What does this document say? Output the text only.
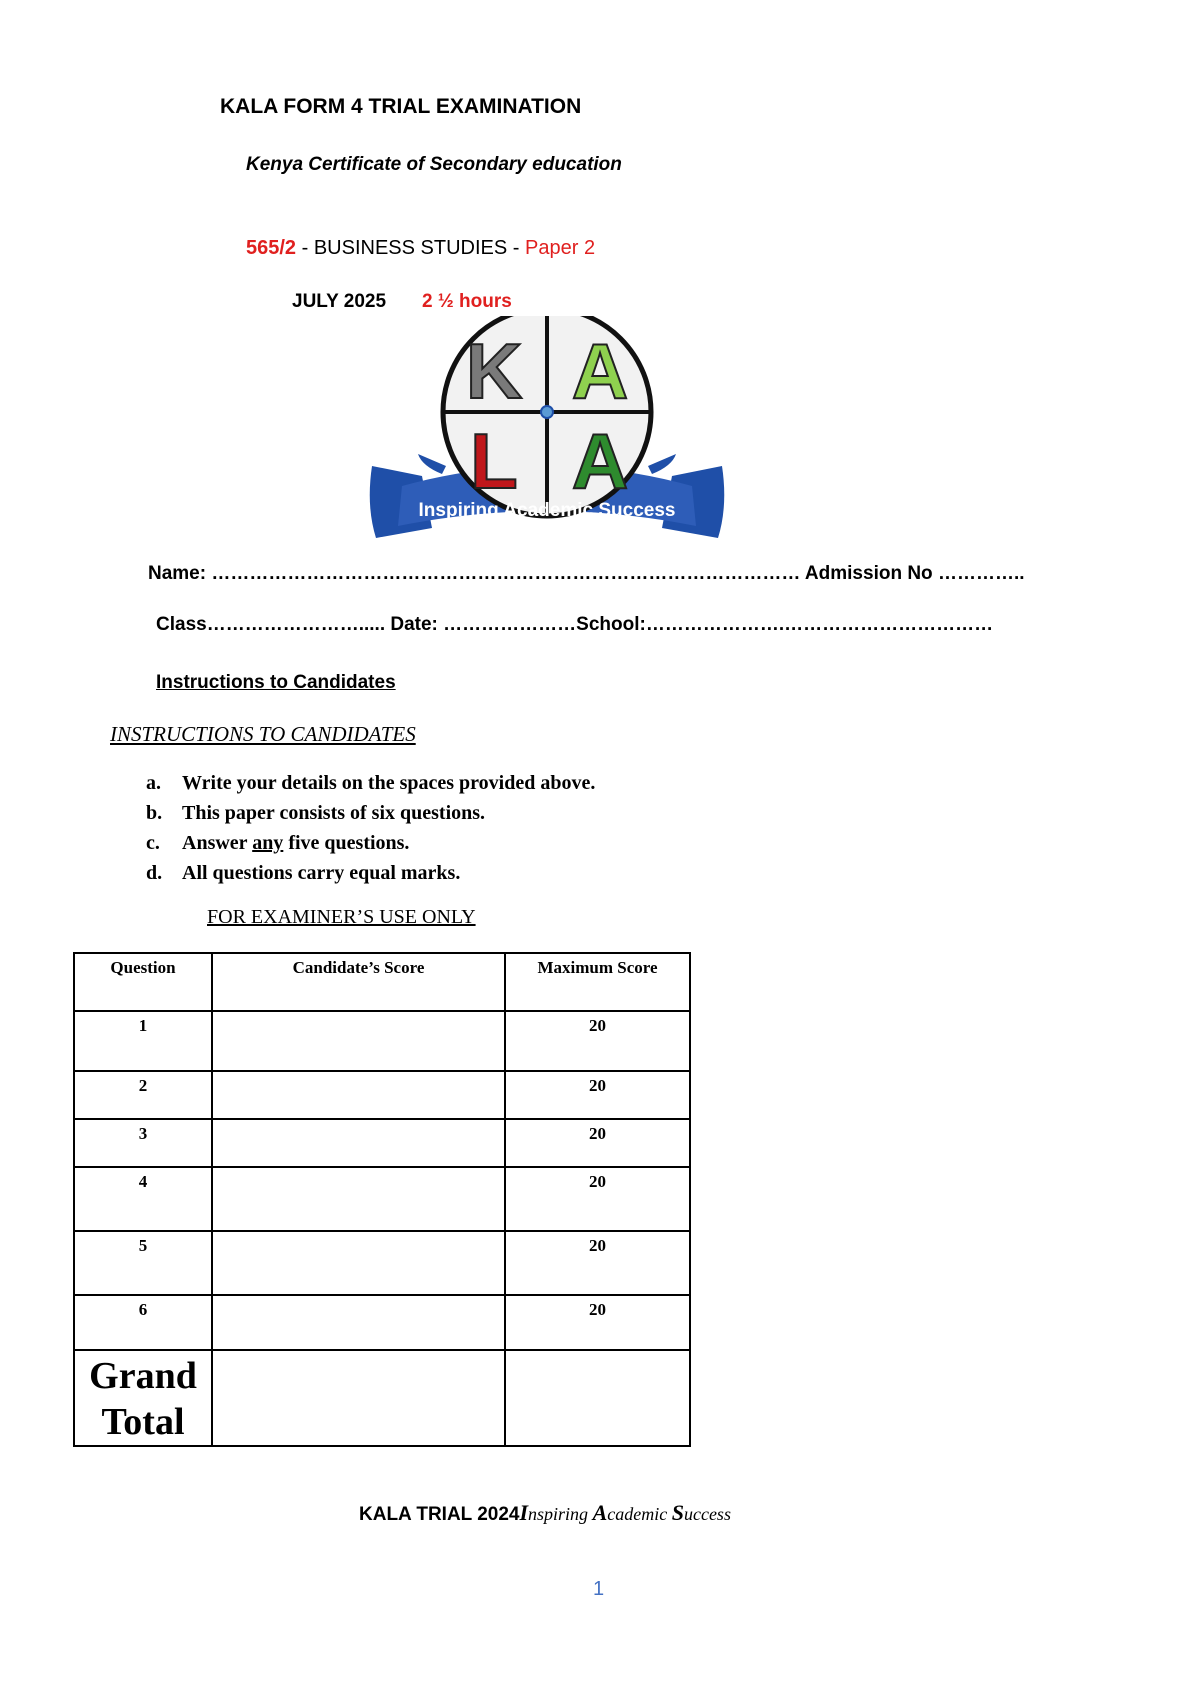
KALA FORM 4 TRIAL EXAMINATION
Kenya Certificate of Secondary education
565/2 - BUSINESS STUDIES - Paper 2
JULY 2025 2 ½ hours
K A
L A
Inspiring Academic Success
Name: ………………………………………………………………………………… Admission No …………..
Class……………………..... Date: …………………School:………………….……………………………
Instructions to Candidates
INSTRUCTIONS TO CANDIDATES
a.	Write your details on the spaces provided above.
b. This paper consists of six questions.
c.	Answer any five questions.
d. All questions carry equal marks.
FOR EXAMINER’S USE ONLY
Question	Candidate’s Score	Maximum Score
1		20
2		20
3		20
4		20
5		20
6		20
Grand Total		
KALA TRIAL 2024Inspiring Academic Success
1
